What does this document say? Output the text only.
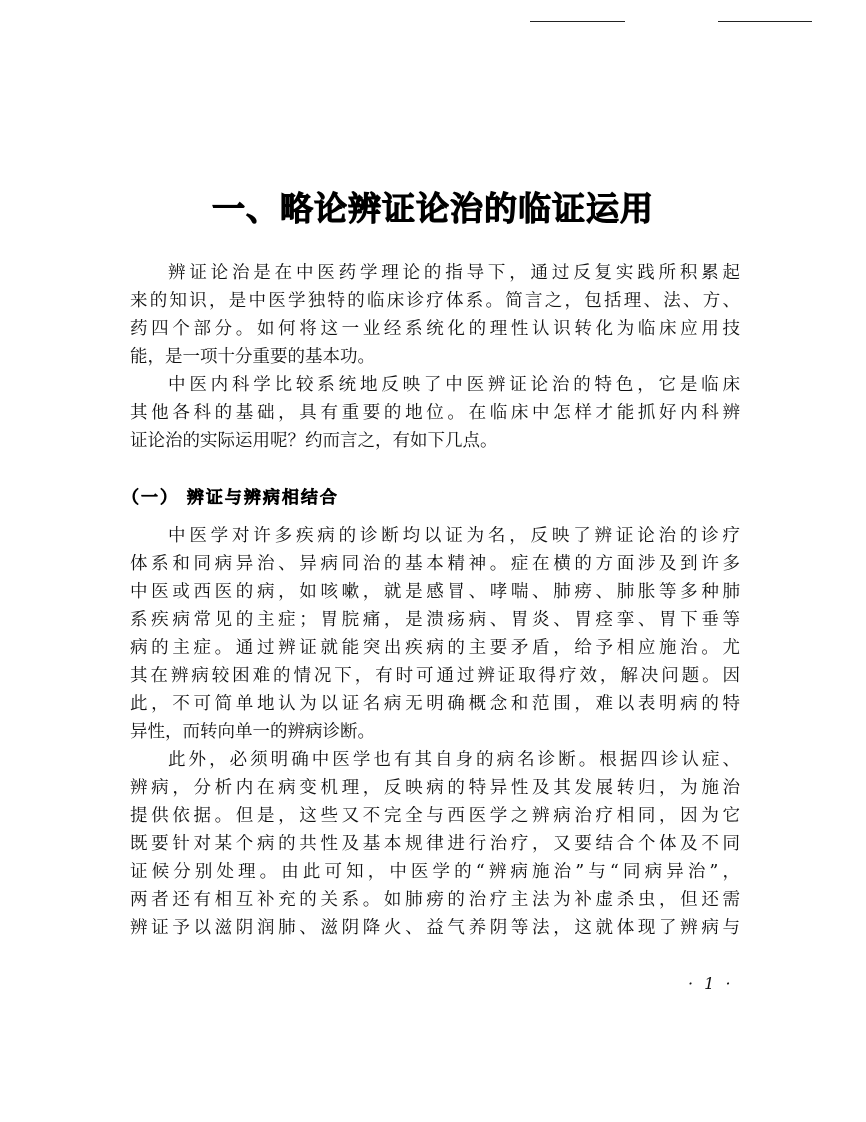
一、略论辨证论治的临证运用
辨证论治是在中医药学理论的指导下，通过反复实践所积累起
来的知识，是中医学独特的临床诊疗体系。简言之，包括理、法、方、
药四个部分。如何将这一业经系统化的理性认识转化为临床应用技
能，是一项十分重要的基本功。
中医内科学比较系统地反映了中医辨证论治的特色，它是临床
其他各科的基础，具有重要的地位。在临床中怎样才能抓好内科辨
证论治的实际运用呢？约而言之，有如下几点。
（一） 辨证与辨病相结合
中医学对许多疾病的诊断均以证为名，反映了辨证论治的诊疗
体系和同病异治、异病同治的基本精神。症在横的方面涉及到许多
中医或西医的病，如咳嗽，就是感冒、哮喘、肺痨、肺胀等多种肺
系疾病常见的主症；胃脘痛，是溃疡病、胃炎、胃痉挛、胃下垂等
病的主症。通过辨证就能突出疾病的主要矛盾，给予相应施治。尤
其在辨病较困难的情况下，有时可通过辨证取得疗效，解决问题。因
此，不可简单地认为以证名病无明确概念和范围，难以表明病的特
异性，而转向单一的辨病诊断。
此外，必须明确中医学也有其自身的病名诊断。根据四诊认症、
辨病，分析内在病变机理，反映病的特异性及其发展转归，为施治
提供依据。但是，这些又不完全与西医学之辨病治疗相同，因为它
既要针对某个病的共性及基本规律进行治疗，又要结合个体及不同
证候分别处理。由此可知，中医学的“辨病施治”与“同病异治”，
两者还有相互补充的关系。如肺痨的治疗主法为补虚杀虫，但还需
辨证予以滋阴润肺、滋阴降火、益气养阴等法，这就体现了辨病与
· 1 ·
